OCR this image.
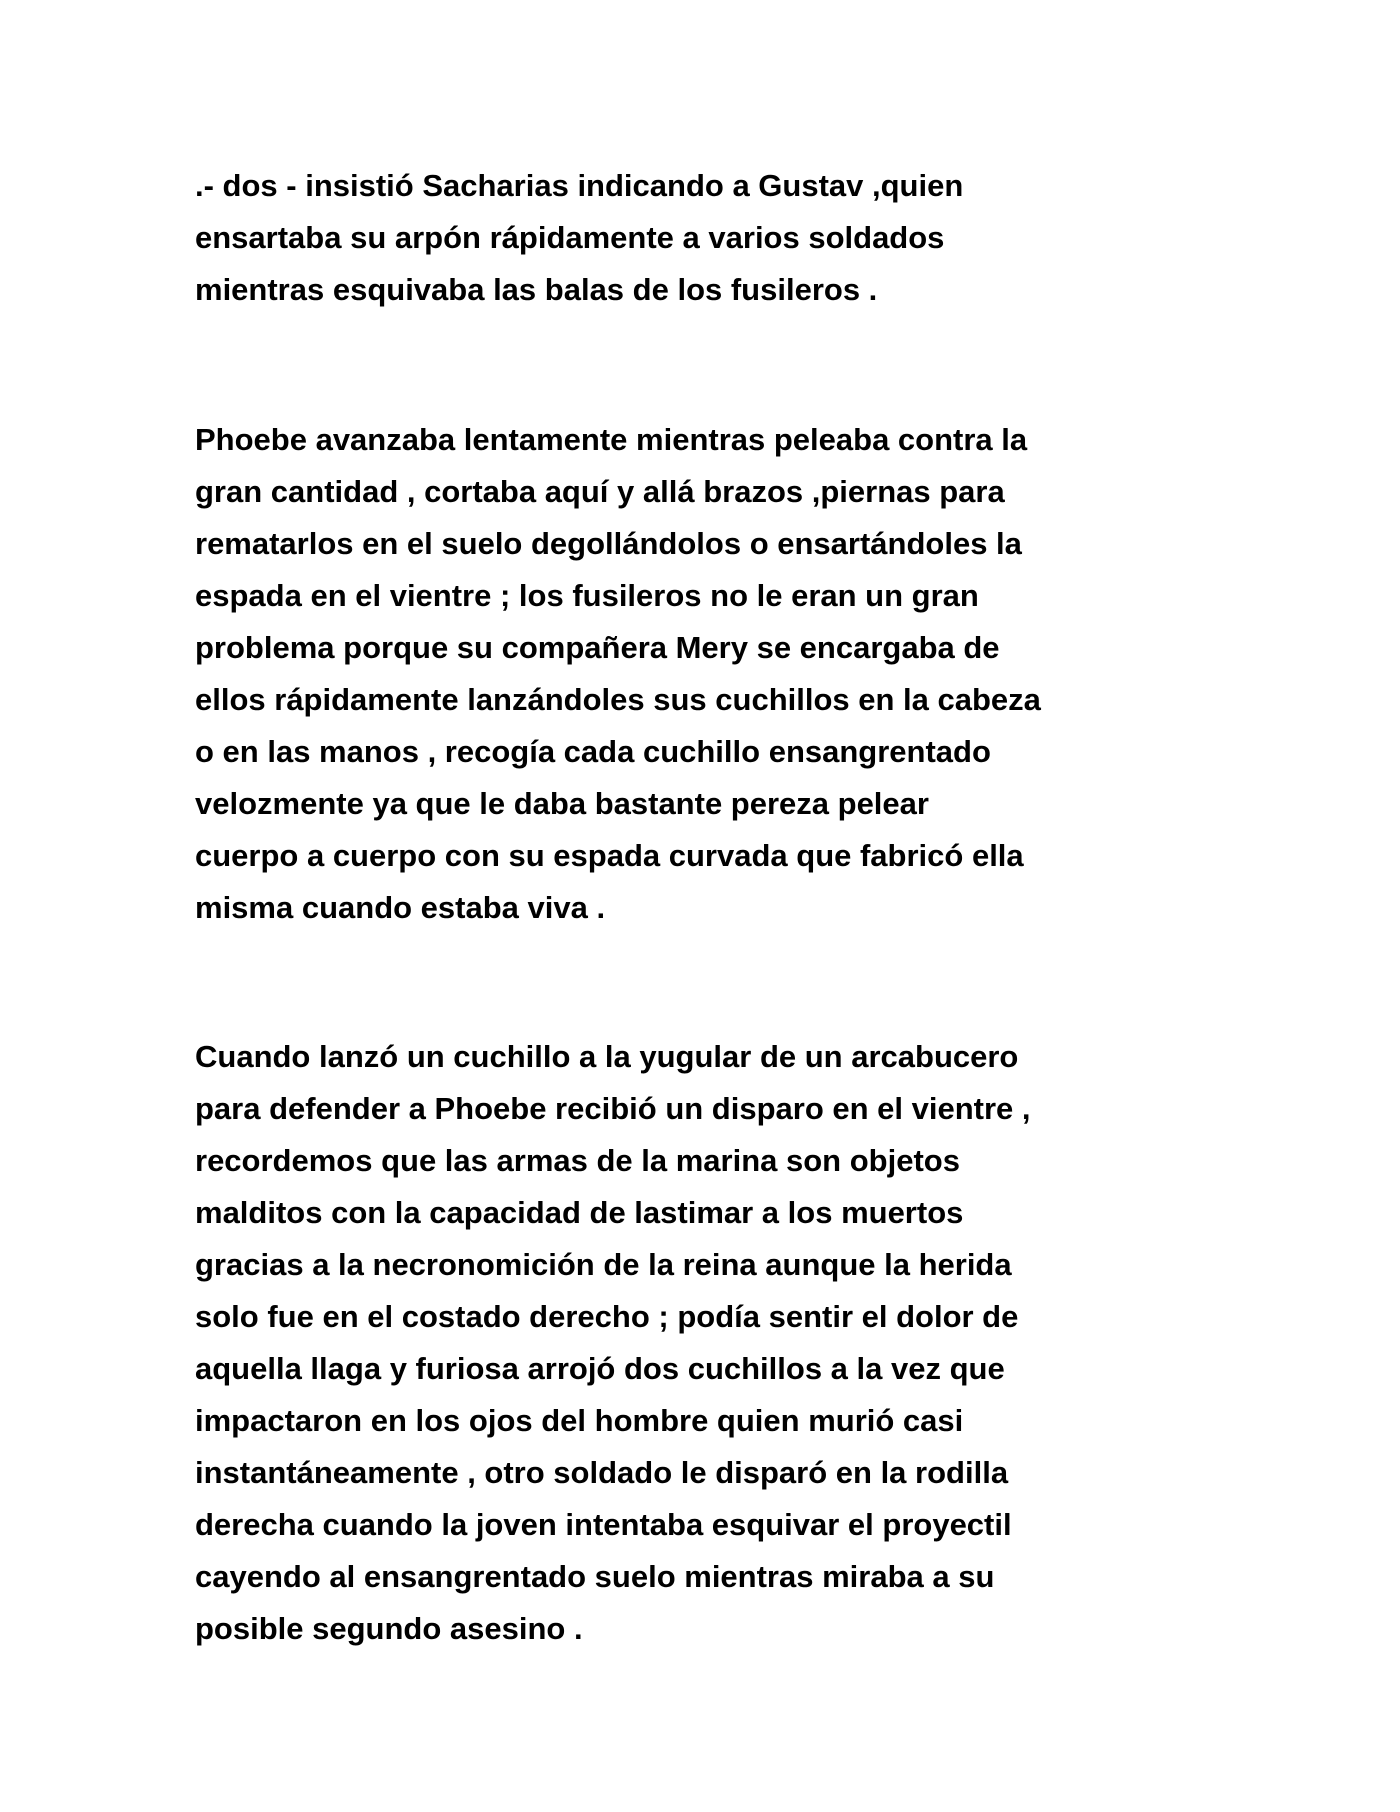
.- dos - insistió Sacharias indicando a Gustav ,quien
ensartaba su arpón rápidamente a varios soldados
mientras esquivaba las balas de los fusileros .
Phoebe avanzaba lentamente mientras peleaba contra la
gran cantidad , cortaba aquí y allá brazos ,piernas para
rematarlos en el suelo degollándolos o ensartándoles la
espada en el vientre ; los fusileros no le eran un gran
problema porque su compañera Mery se encargaba de
ellos rápidamente lanzándoles sus cuchillos en la cabeza
o en las manos , recogía cada cuchillo ensangrentado
velozmente ya que le daba bastante pereza pelear
cuerpo a cuerpo con su espada curvada que fabricó ella
misma cuando estaba viva .
Cuando lanzó un cuchillo a la yugular de un arcabucero
para defender a Phoebe recibió un disparo en el vientre ,
recordemos que las armas de la marina son objetos
malditos con la capacidad de lastimar a los muertos
gracias a la necronomición de la reina aunque la herida
solo fue en el costado derecho ; podía sentir el dolor de
aquella llaga y furiosa arrojó dos cuchillos a la vez que
impactaron en los ojos del hombre quien murió casi
instantáneamente , otro soldado le disparó en la rodilla
derecha cuando la joven intentaba esquivar el proyectil
cayendo al ensangrentado suelo mientras miraba a su
posible segundo asesino .
